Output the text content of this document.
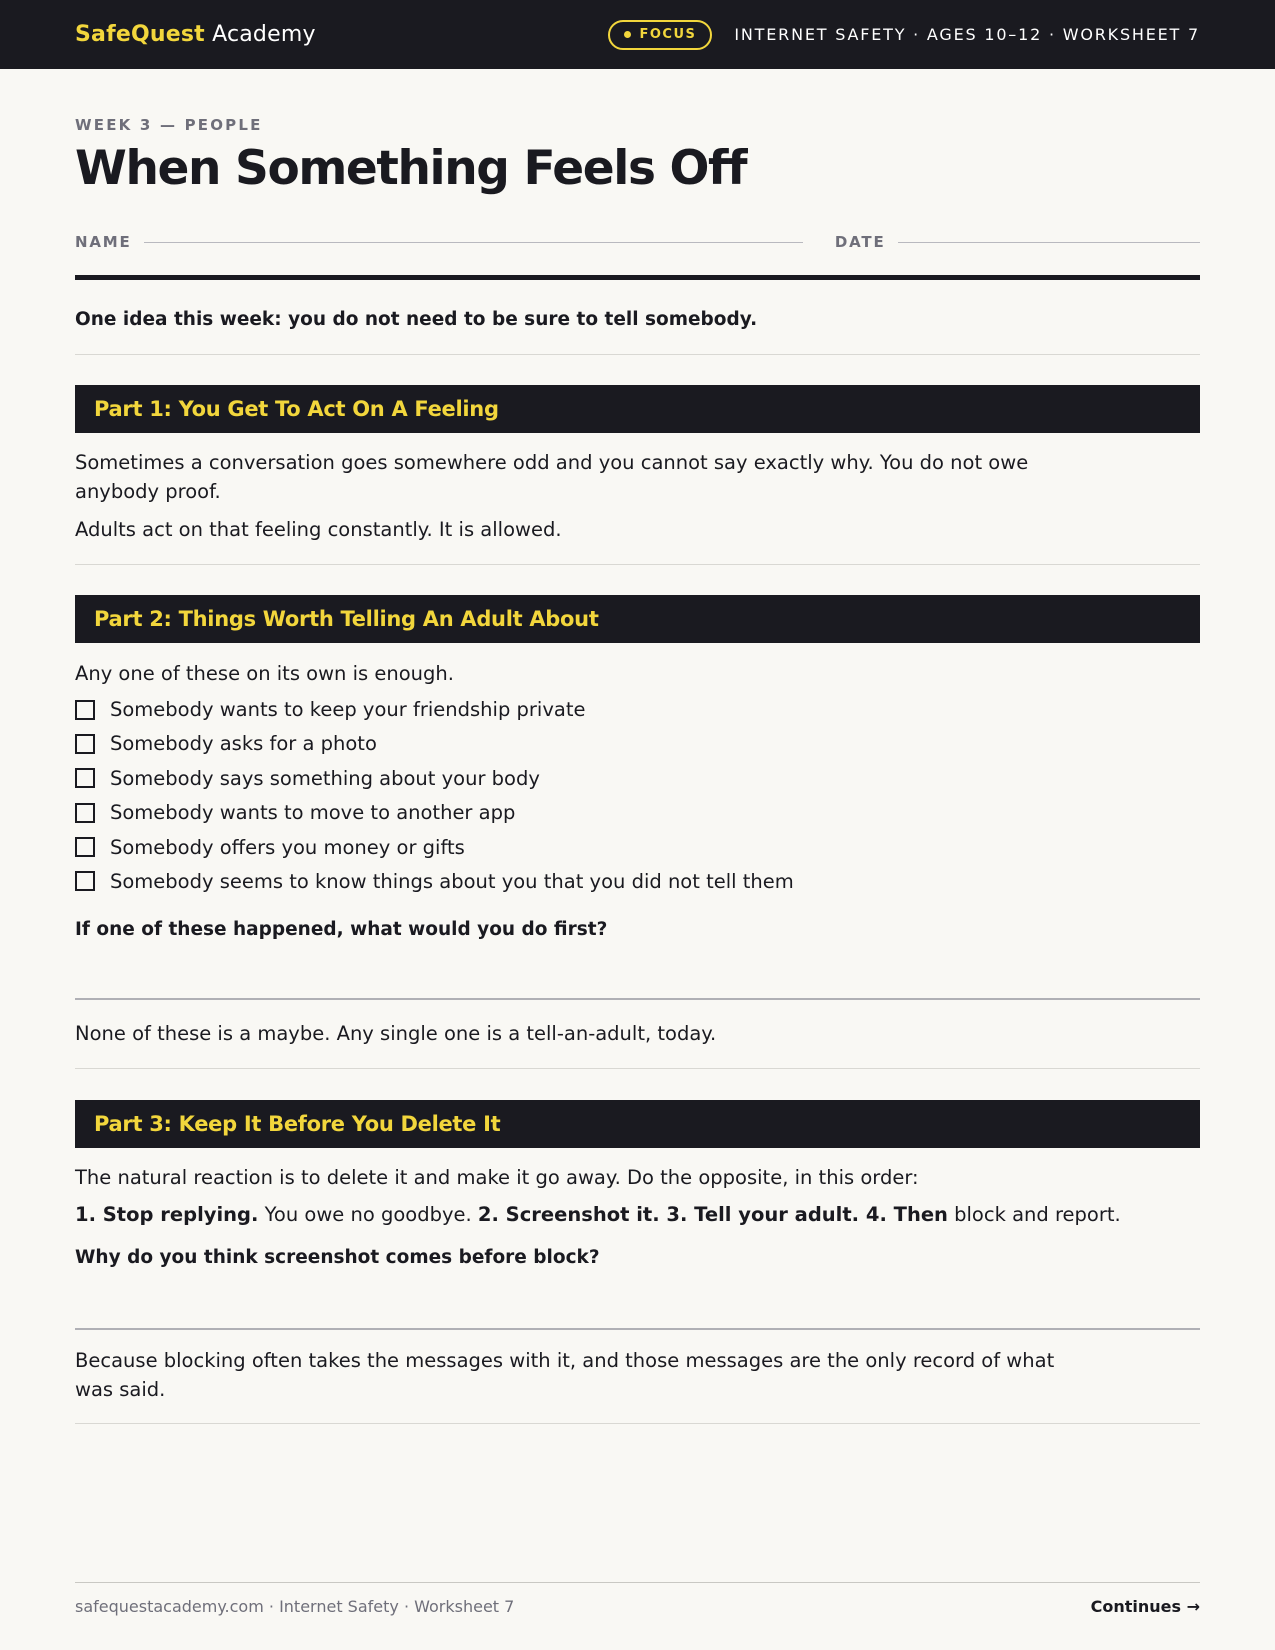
SafeQuest Academy	FOCUS INTERNET SAFETY · AGES 10–12 · WORKSHEET 7
WEEK 3 — PEOPLE
When Something Feels Off
NAME	DATE
One idea this week: you do not need to be sure to tell somebody.
Part 1: You Get To Act On A Feeling
Sometimes a conversation goes somewhere odd and you cannot say exactly why. You do not owe
anybody proof.
Adults act on that feeling constantly. It is allowed.
Part 2: Things Worth Telling An Adult About
Any one of these on its own is enough.
Somebody wants to keep your friendship private
Somebody asks for a photo
Somebody says something about your body
Somebody wants to move to another app
Somebody offers you money or gifts
Somebody seems to know things about you that you did not tell them
If one of these happened, what would you do first?
None of these is a maybe. Any single one is a tell-an-adult, today.
Part 3: Keep It Before You Delete It
The natural reaction is to delete it and make it go away. Do the opposite, in this order:
1. Stop replying. You owe no goodbye. 2. Screenshot it. 3. Tell your adult. 4. Then block and report.
Why do you think screenshot comes before block?
Because blocking often takes the messages with it, and those messages are the only record of what
was said.
safequestacademy.com · Internet Safety · Worksheet 7	Continues →
